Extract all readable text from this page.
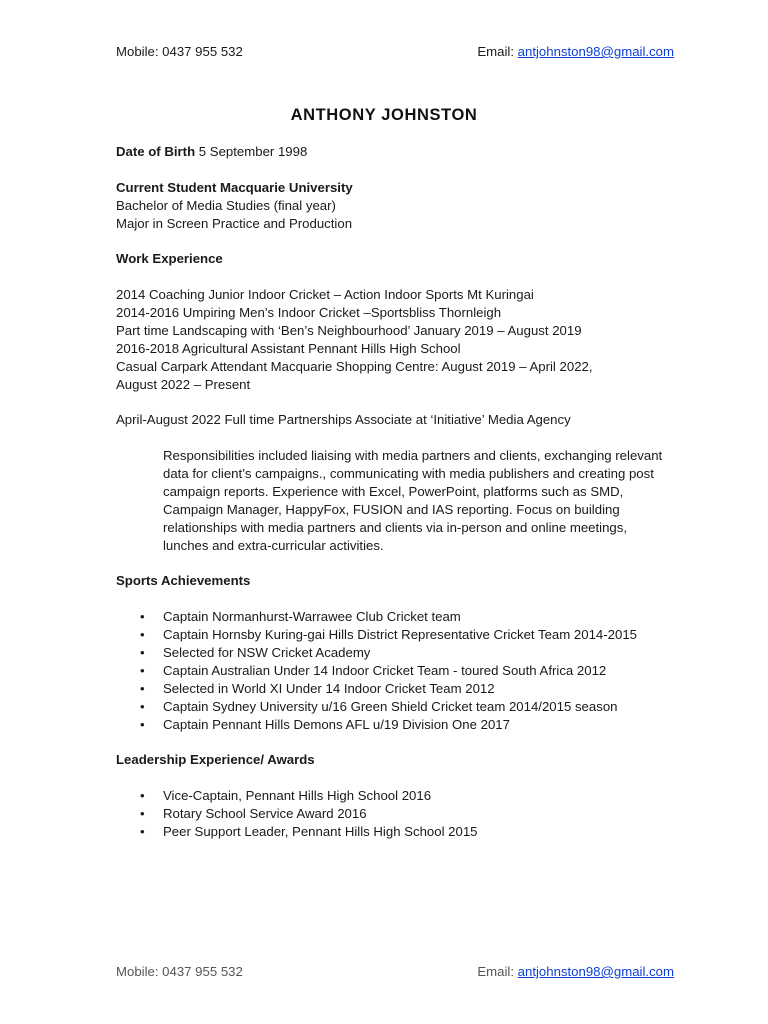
Mobile: 0437 955 532	Email: antjohnston98@gmail.com
ANTHONY JOHNSTON
Date of Birth 5 September 1998
Current Student Macquarie University
Bachelor of Media Studies (final year)
Major in Screen Practice and Production
Work Experience
2014 Coaching Junior Indoor Cricket – Action Indoor Sports Mt Kuringai
2014-2016 Umpiring Men’s Indoor Cricket –Sportsbliss Thornleigh
Part time Landscaping with ‘Ben’s Neighbourhood’ January 2019 – August 2019
2016-2018 Agricultural Assistant Pennant Hills High School
Casual Carpark Attendant Macquarie Shopping Centre: August 2019 – April 2022,
August 2022 – Present
April-August 2022 Full time Partnerships Associate at ‘Initiative’ Media Agency
Responsibilities included liaising with media partners and clients, exchanging relevant data for client’s campaigns., communicating with media publishers and creating post campaign reports. Experience with Excel, PowerPoint, platforms such as SMD, Campaign Manager, HappyFox, FUSION and IAS reporting. Focus on building relationships with media partners and clients via in-person and online meetings, lunches and extra-curricular activities.
Sports Achievements
• Captain Normanhurst-Warrawee Club Cricket team
• Captain Hornsby Kuring-gai Hills District Representative Cricket Team 2014-2015
• Selected for NSW Cricket Academy
• Captain Australian Under 14 Indoor Cricket Team - toured South Africa 2012
• Selected in World XI Under 14 Indoor Cricket Team 2012
• Captain Sydney University u/16 Green Shield Cricket team 2014/2015 season
• Captain Pennant Hills Demons AFL u/19 Division One 2017
Leadership Experience/ Awards
• Vice-Captain, Pennant Hills High School 2016
• Rotary School Service Award 2016
• Peer Support Leader, Pennant Hills High School 2015
Mobile: 0437 955 532	Email: antjohnston98@gmail.com
